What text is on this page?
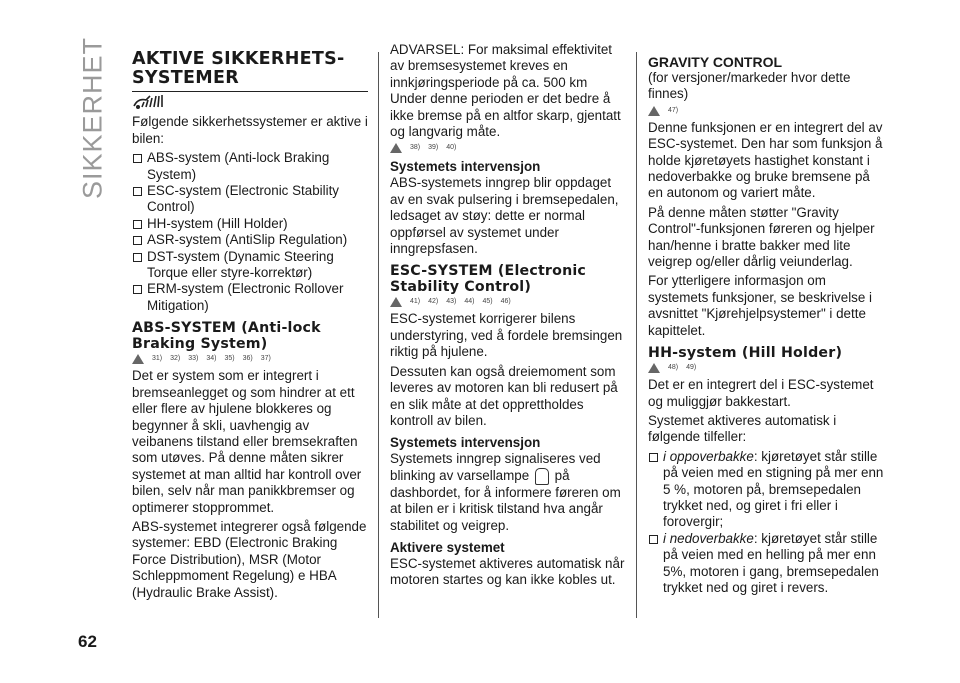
SIKKERHET AKTIVE SIKKERHETS-SYSTEMER

Følgende sikkerhetssystemer er aktive i bilen:

ABS-system (Anti-lock Braking System)
ESC-system (Electronic Stability Control)
HH-system (Hill Holder)
ASR-system (AntiSlip Regulation)
DST-system (Dynamic Steering Torque eller styre-korrektør)
ERM-system (Electronic Rollover Mitigation)
ABS-SYSTEM (Anti-lock Braking System)
31) 32) 33) 34) 35) 36) 37)

Det er system som er integrert i bremseanlegget og som hindrer at ett eller flere av hjulene blokkeres og begynner å skli, uavhengig av veibanens tilstand eller bremsekraften som utøves. På denne måten sikrer systemet at man alltid har kontroll over bilen, selv når man panikkbremser og optimerer stopprommet.

ABS-systemet integrerer også følgende systemer: EBD (Electronic Braking Force Distribution), MSR (Motor Schleppmoment Regelung) e HBA (Hydraulic Brake Assist).

ADVARSEL: For maksimal effektivitet av bremsesystemet kreves en innkjøringsperiode på ca. 500 km Under denne perioden er det bedre å ikke bremse på en altfor skarp, gjentatt og langvarig måte.

38) 39) 40)
Systemets intervensjon

ABS-systemets inngrep blir oppdaget av en svak pulsering i bremsepedalen, ledsaget av støy: dette er normal oppførsel av systemet under inngrepsfasen.

ESC-SYSTEM (Electronic Stability Control)
41) 42) 43) 44) 45) 46)

ESC-systemet korrigerer bilens understyring, ved å fordele bremsingen riktig på hjulene.

Dessuten kan også dreiemoment som leveres av motoren kan bli redusert på en slik måte at det opprettholdes kontroll av bilen.

Systemets intervensjon

Systemets inngrep signaliseres ved blinking av varsellampe på dashbordet, for å informere føreren om at bilen er i kritisk tilstand hva angår stabilitet og veigrep.

Aktivere systemet

ESC-systemet aktiveres automatisk når motoren startes og kan ikke kobles ut.

GRAVITY CONTROL

(for versjoner/markeder hvor dette finnes)

47)

Denne funksjonen er en integrert del av ESC-systemet. Den har som funksjon å holde kjøretøyets hastighet konstant i nedoverbakke og bruke bremsene på en autonom og variert måte.

På denne måten støtter "Gravity Control"-funksjonen føreren og hjelper han/henne i bratte bakker med lite veigrep og/eller dårlig veiunderlag.

For ytterligere informasjon om systemets funksjoner, se beskrivelse i avsnittet "Kjørehjelpsystemer" i dette kapittelet.

HH-system (Hill Holder)
48) 49)

Det er en integrert del i ESC-systemet og muliggjør bakkestart.

Systemet aktiveres automatisk i følgende tilfeller:

i oppoverbakke: kjøretøyet står stille på veien med en stigning på mer enn 5 %, motoren på, bremsepedalen trykket ned, og giret i fri eller i forovergir;
i nedoverbakke: kjøretøyet står stille på veien med en helling på mer enn 5%, motoren i gang, bremsepedalen trykket ned og giret i revers.
62
